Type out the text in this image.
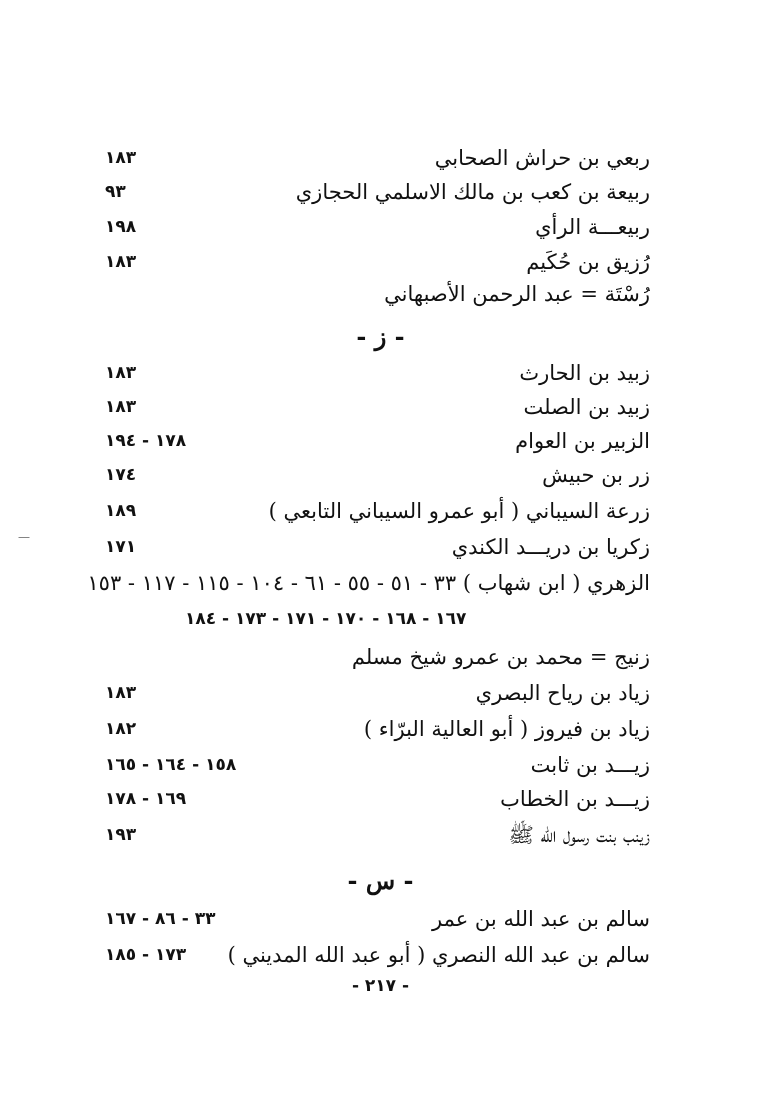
ربعي بن حراش الصحابي
١٨٣
ربيعة بن كعب بن مالك الاسلمي الحجازي
٩٣
ربيعـــة الرأي
١٩٨
رُزيق بن حُكَيم
١٨٣
رُسْتَة = عبد الرحمن الأصبهاني
- ز -
زبيد بن الحارث
١٨٣
زبيد بن الصلت
١٨٣
الزبير بن العوام
١٧٨ - ١٩٤
زر بن حبيش
١٧٤
زرعة السيباني ( أبو عمرو السيباني التابعي )
١٨٩
زكريا بن دريـــد الكندي
١٧١
الزهري ( ابن شهاب ) ٣٣ - ٥١ - ٥٥ - ٦١ - ١٠٤ - ١١٥ - ١١٧ - ١٥٣
١٦٧ - ١٦٨ - ١٧٠ - ١٧١ - ١٧٣ - ١٨٤
زنيج = محمد بن عمرو شيخ مسلم
زياد بن رياح البصري
١٨٣
زياد بن فيروز ( أبو العالية البرّاء )
١٨٢
زيـــد بن ثابت
١٥٨ - ١٦٤ - ١٦٥
زيـــد بن الخطاب
١٦٩ - ١٧٨
زينب بنت رسول الله ﷺ
١٩٣
- س -
سالم بن عبد الله بن عمر
٣٣ - ٨٦ - ١٦٧
سالم بن عبد الله النصري ( أبو عبد الله المديني )
١٧٣ - ١٨٥
- ٢١٧ -
—
